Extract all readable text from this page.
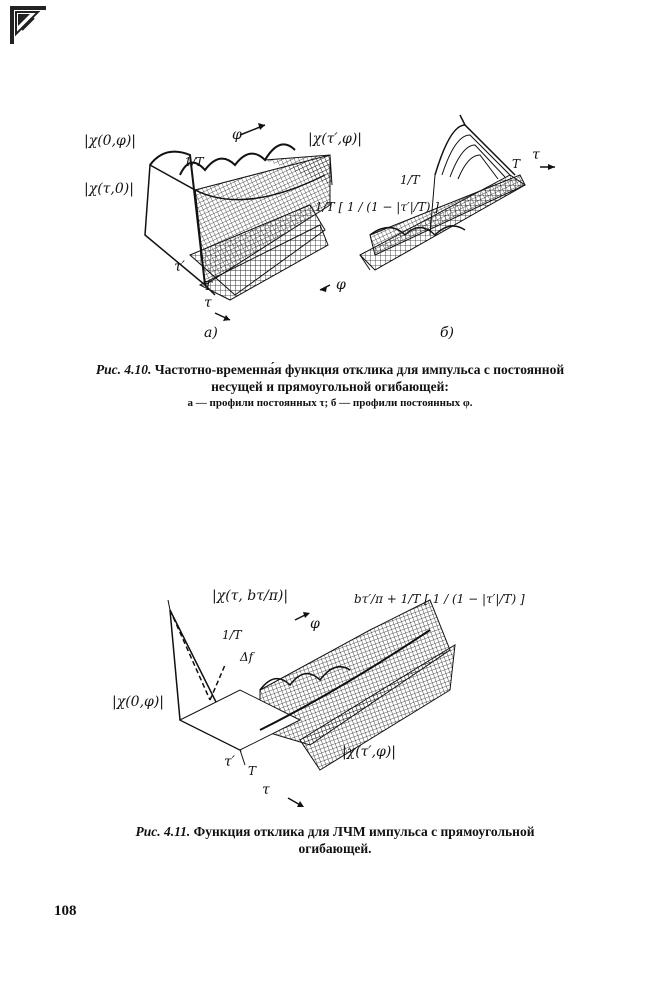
|χ(0,φ)|
|χ(τ,0)|
1/T
φ	|χ(τ′,φ)|
τ′
T
τ
а)
1/T
1/T [ 1 / (1 − |τ′|/T) ]
T
τ
φ
б)
Рис. 4.10. Частотно-временна́я функция отклика для импульса с постоянной несущей и прямоугольной огибающей:
а — профили постоянных τ; б — профили постоянных φ.
|χ(τ, bτ/π)|
1/T
Δf
φ
bτ′/π + 1/T [ 1 / (1 − |τ′|/T) ]
|χ(0,φ)|
|χ(τ′,φ)|
τ′
T
τ
Рис. 4.11. Функция отклика для ЛЧМ импульса с прямоугольной огибающей.
108
